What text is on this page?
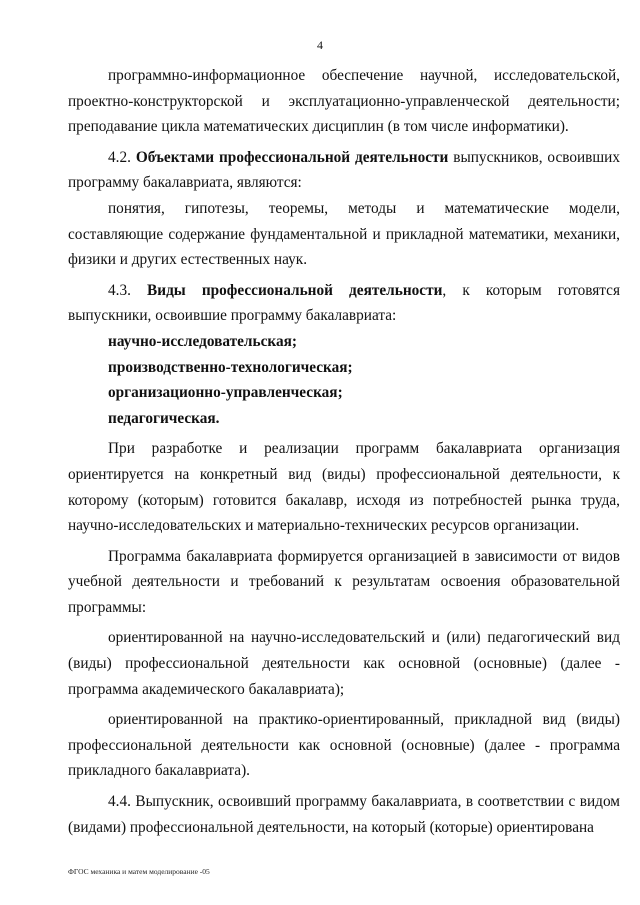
4

программно-информационное обеспечение научной, исследовательской, проектно-конструкторской и эксплуатационно-управленческой деятельности; преподавание цикла математических дисциплин (в том числе информатики).

4.2. Объектами профессиональной деятельности выпускников, освоивших программу бакалавриата, являются:

понятия, гипотезы, теоремы, методы и математические модели, составляющие содержание фундаментальной и прикладной математики, механики, физики и других естественных наук.

4.3. Виды профессиональной деятельности, к которым готовятся выпускники, освоившие программу бакалавриата:

научно-исследовательская;

производственно-технологическая;

организационно-управленческая;

педагогическая.

При разработке и реализации программ бакалавриата организация ориентируется на конкретный вид (виды) профессиональной деятельности, к которому (которым) готовится бакалавр, исходя из потребностей рынка труда, научно-исследовательских и материально-технических ресурсов организации.

Программа бакалавриата формируется организацией в зависимости от видов учебной деятельности и требований к результатам освоения образовательной программы:

ориентированной на научно-исследовательский и (или) педагогический вид (виды) профессиональной деятельности как основной (основные) (далее - программа академического бакалавриата);

ориентированной на практико-ориентированный, прикладной вид (виды) профессиональной деятельности как основной (основные) (далее - программа прикладного бакалавриата).

4.4. Выпускник, освоивший программу бакалавриата, в соответствии с видом (видами) профессиональной деятельности, на который (которые) ориентирована

ФГОС механика и матем моделирование -05
